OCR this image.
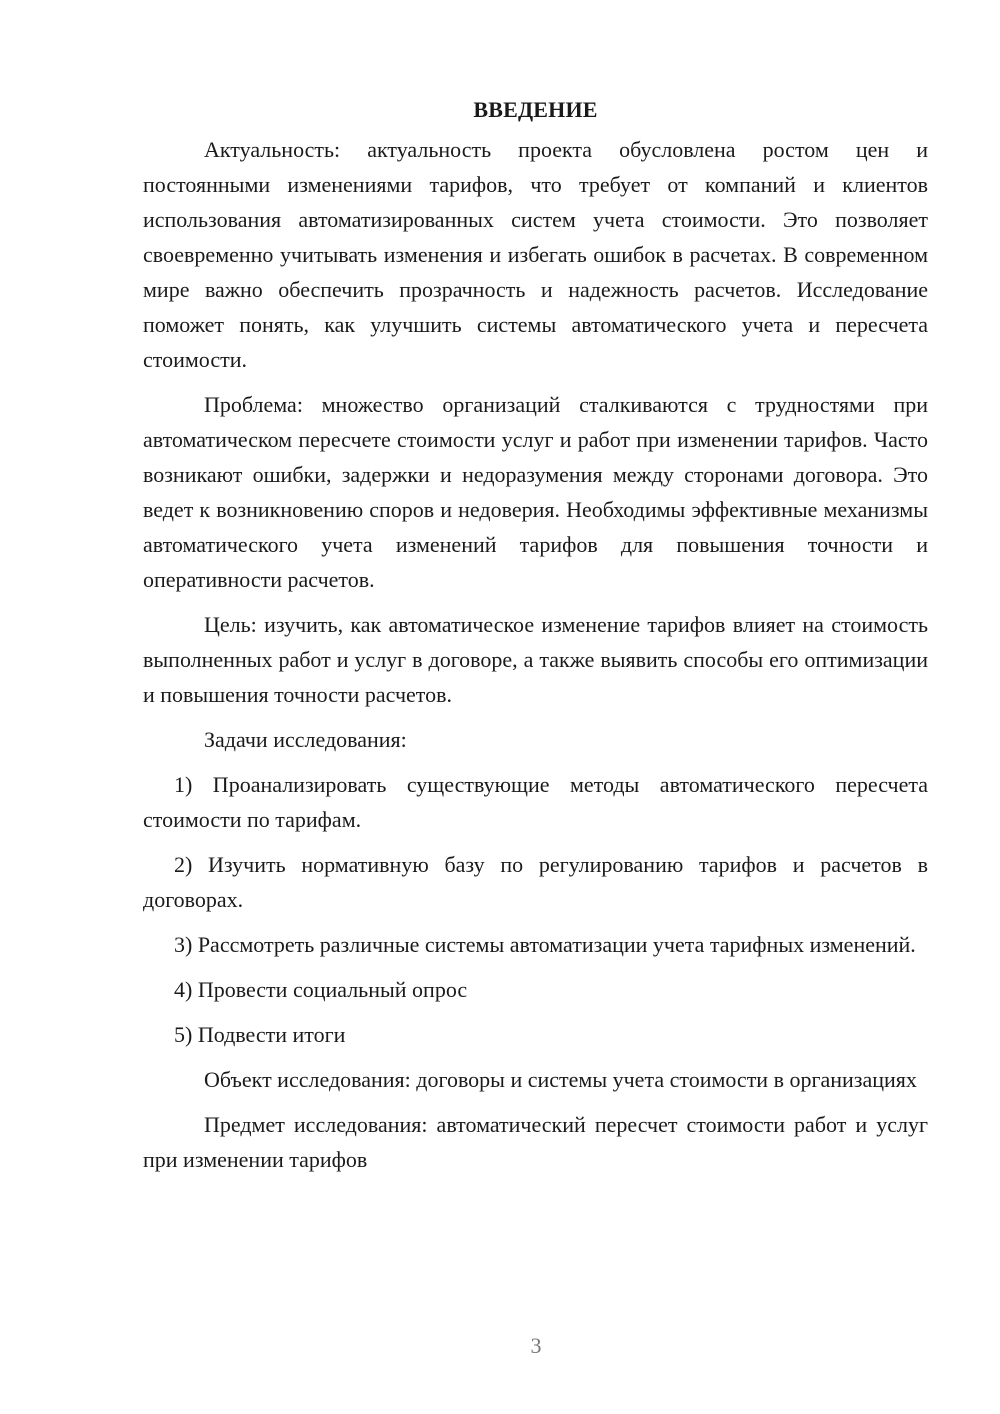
ВВЕДЕНИЕ

Актуальность: актуальность проекта обусловлена ростом цен и постоянными изменениями тарифов, что требует от компаний и клиентов использования автоматизированных систем учета стоимости. Это позволяет своевременно учитывать изменения и избегать ошибок в расчетах. В современном мире важно обеспечить прозрачность и надежность расчетов. Исследование поможет понять, как улучшить системы автоматического учета и пересчета стоимости.

Проблема: множество организаций сталкиваются с трудностями при автоматическом пересчете стоимости услуг и работ при изменении тарифов. Часто возникают ошибки, задержки и недоразумения между сторонами договора. Это ведет к возникновению споров и недоверия. Необходимы эффективные механизмы автоматического учета изменений тарифов для повышения точности и оперативности расчетов.

Цель: изучить, как автоматическое изменение тарифов влияет на стоимость выполненных работ и услуг в договоре, а также выявить способы его оптимизации и повышения точности расчетов.

Задачи исследования:

1) Проанализировать существующие методы автоматического пересчета стоимости по тарифам.

2) Изучить нормативную базу по регулированию тарифов и расчетов в договорах.

3) Рассмотреть различные системы автоматизации учета тарифных изменений.

4) Провести социальный опрос

5) Подвести итоги

Объект исследования: договоры и системы учета стоимости в организациях

Предмет исследования: автоматический пересчет стоимости работ и услуг при изменении тарифов

3
